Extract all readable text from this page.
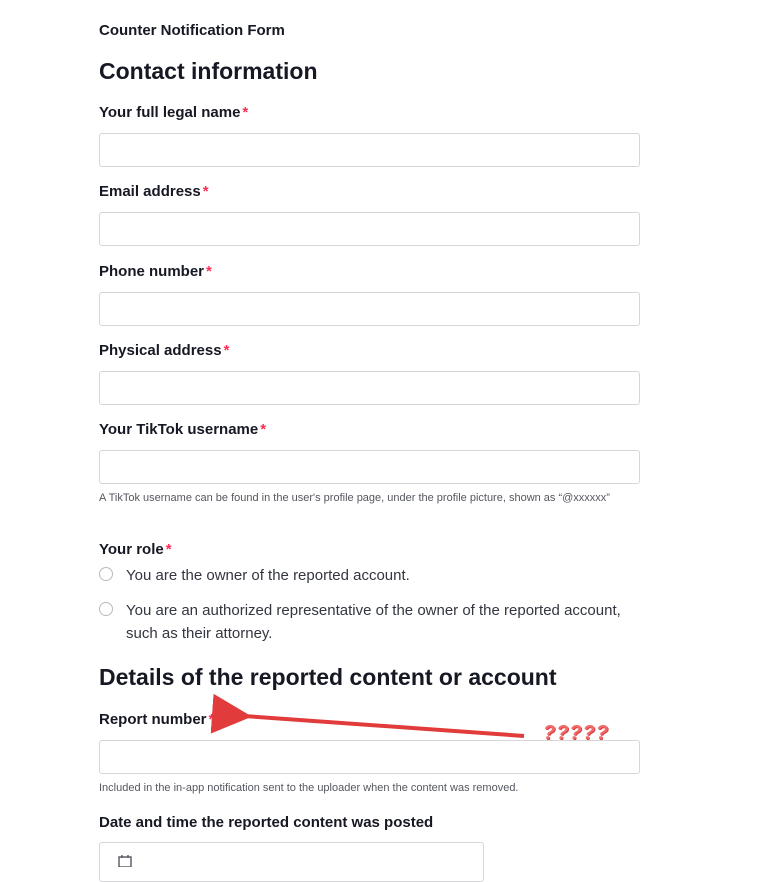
Counter Notification Form
Contact information
Your full legal name *
Email address *
Phone number *
Physical address *
Your TikTok username *
A TikTok username can be found in the user's profile page, under the profile picture, shown as “@xxxxxx”
Your role *
You are the owner of the reported account.
You are an authorized representative of the owner of the reported account, such as their attorney.
Details of the reported content or account
Report number *
Included in the in-app notification sent to the uploader when the content was removed.
Date and time the reported content was posted
?????
